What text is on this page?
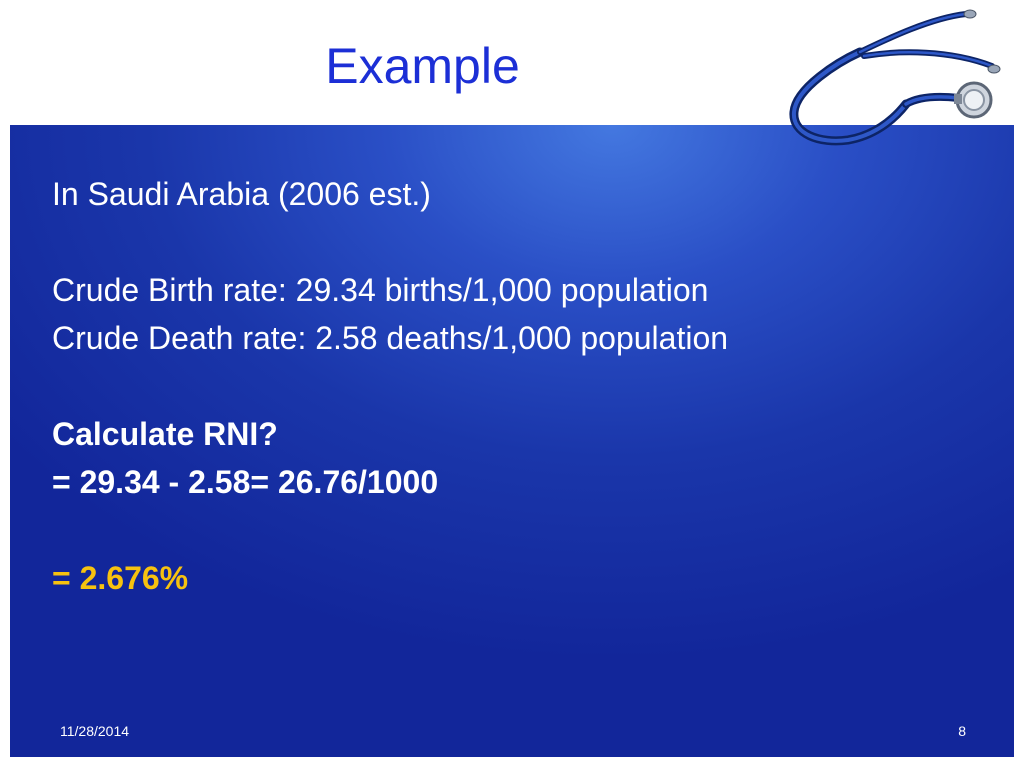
Example
In Saudi Arabia (2006 est.)
Crude Birth rate: 29.34 births/1,000 population
Crude Death rate: 2.58 deaths/1,000 population
Calculate RNI?
= 29.34 - 2.58= 26.76/1000
= 2.676%
11/28/2014	8
